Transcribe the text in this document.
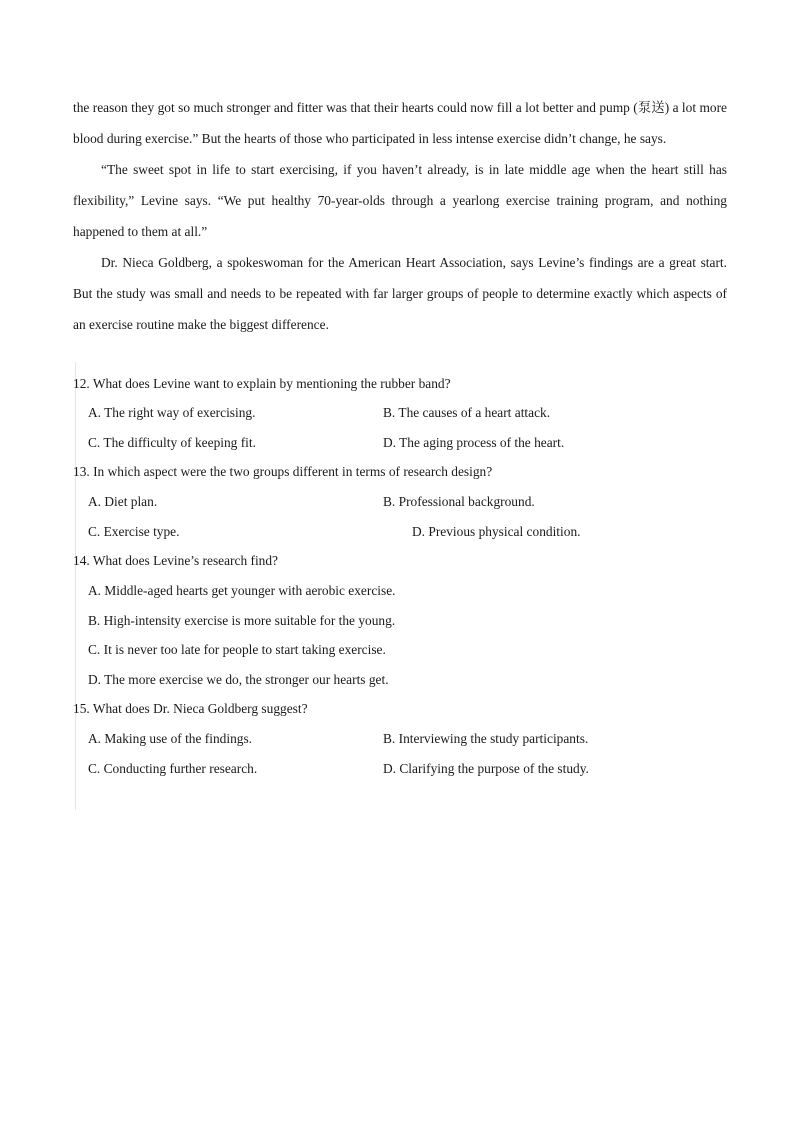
the reason they got so much stronger and fitter was that their hearts could now fill a lot better and pump (泵送) a lot more blood during exercise.” But the hearts of those who participated in less intense exercise didn’t change, he says.

“The sweet spot in life to start exercising, if you haven’t already, is in late middle age when the heart still has flexibility,” Levine says. “We put healthy 70-year-olds through a yearlong exercise training program, and nothing happened to them at all.”

Dr. Nieca Goldberg, a spokeswoman for the American Heart Association, says Levine’s findings are a great start. But the study was small and needs to be repeated with far larger groups of people to determine exactly which aspects of an exercise routine make the biggest difference.

12. What does Levine want to explain by mentioning the rubber band?
A. The right way of exercising.	B. The causes of a heart attack.
C. The difficulty of keeping fit.	D. The aging process of the heart.
13. In which aspect were the two groups different in terms of research design?
A. Diet plan.	B. Professional background.
C. Exercise type.	D. Previous physical condition.
14. What does Levine’s research find?
A. Middle-aged hearts get younger with aerobic exercise.
B. High-intensity exercise is more suitable for the young.
C. It is never too late for people to start taking exercise.
D. The more exercise we do, the stronger our hearts get.
15. What does Dr. Nieca Goldberg suggest?
A. Making use of the findings.	B. Interviewing the study participants.
C. Conducting further research.	D. Clarifying the purpose of the study.
